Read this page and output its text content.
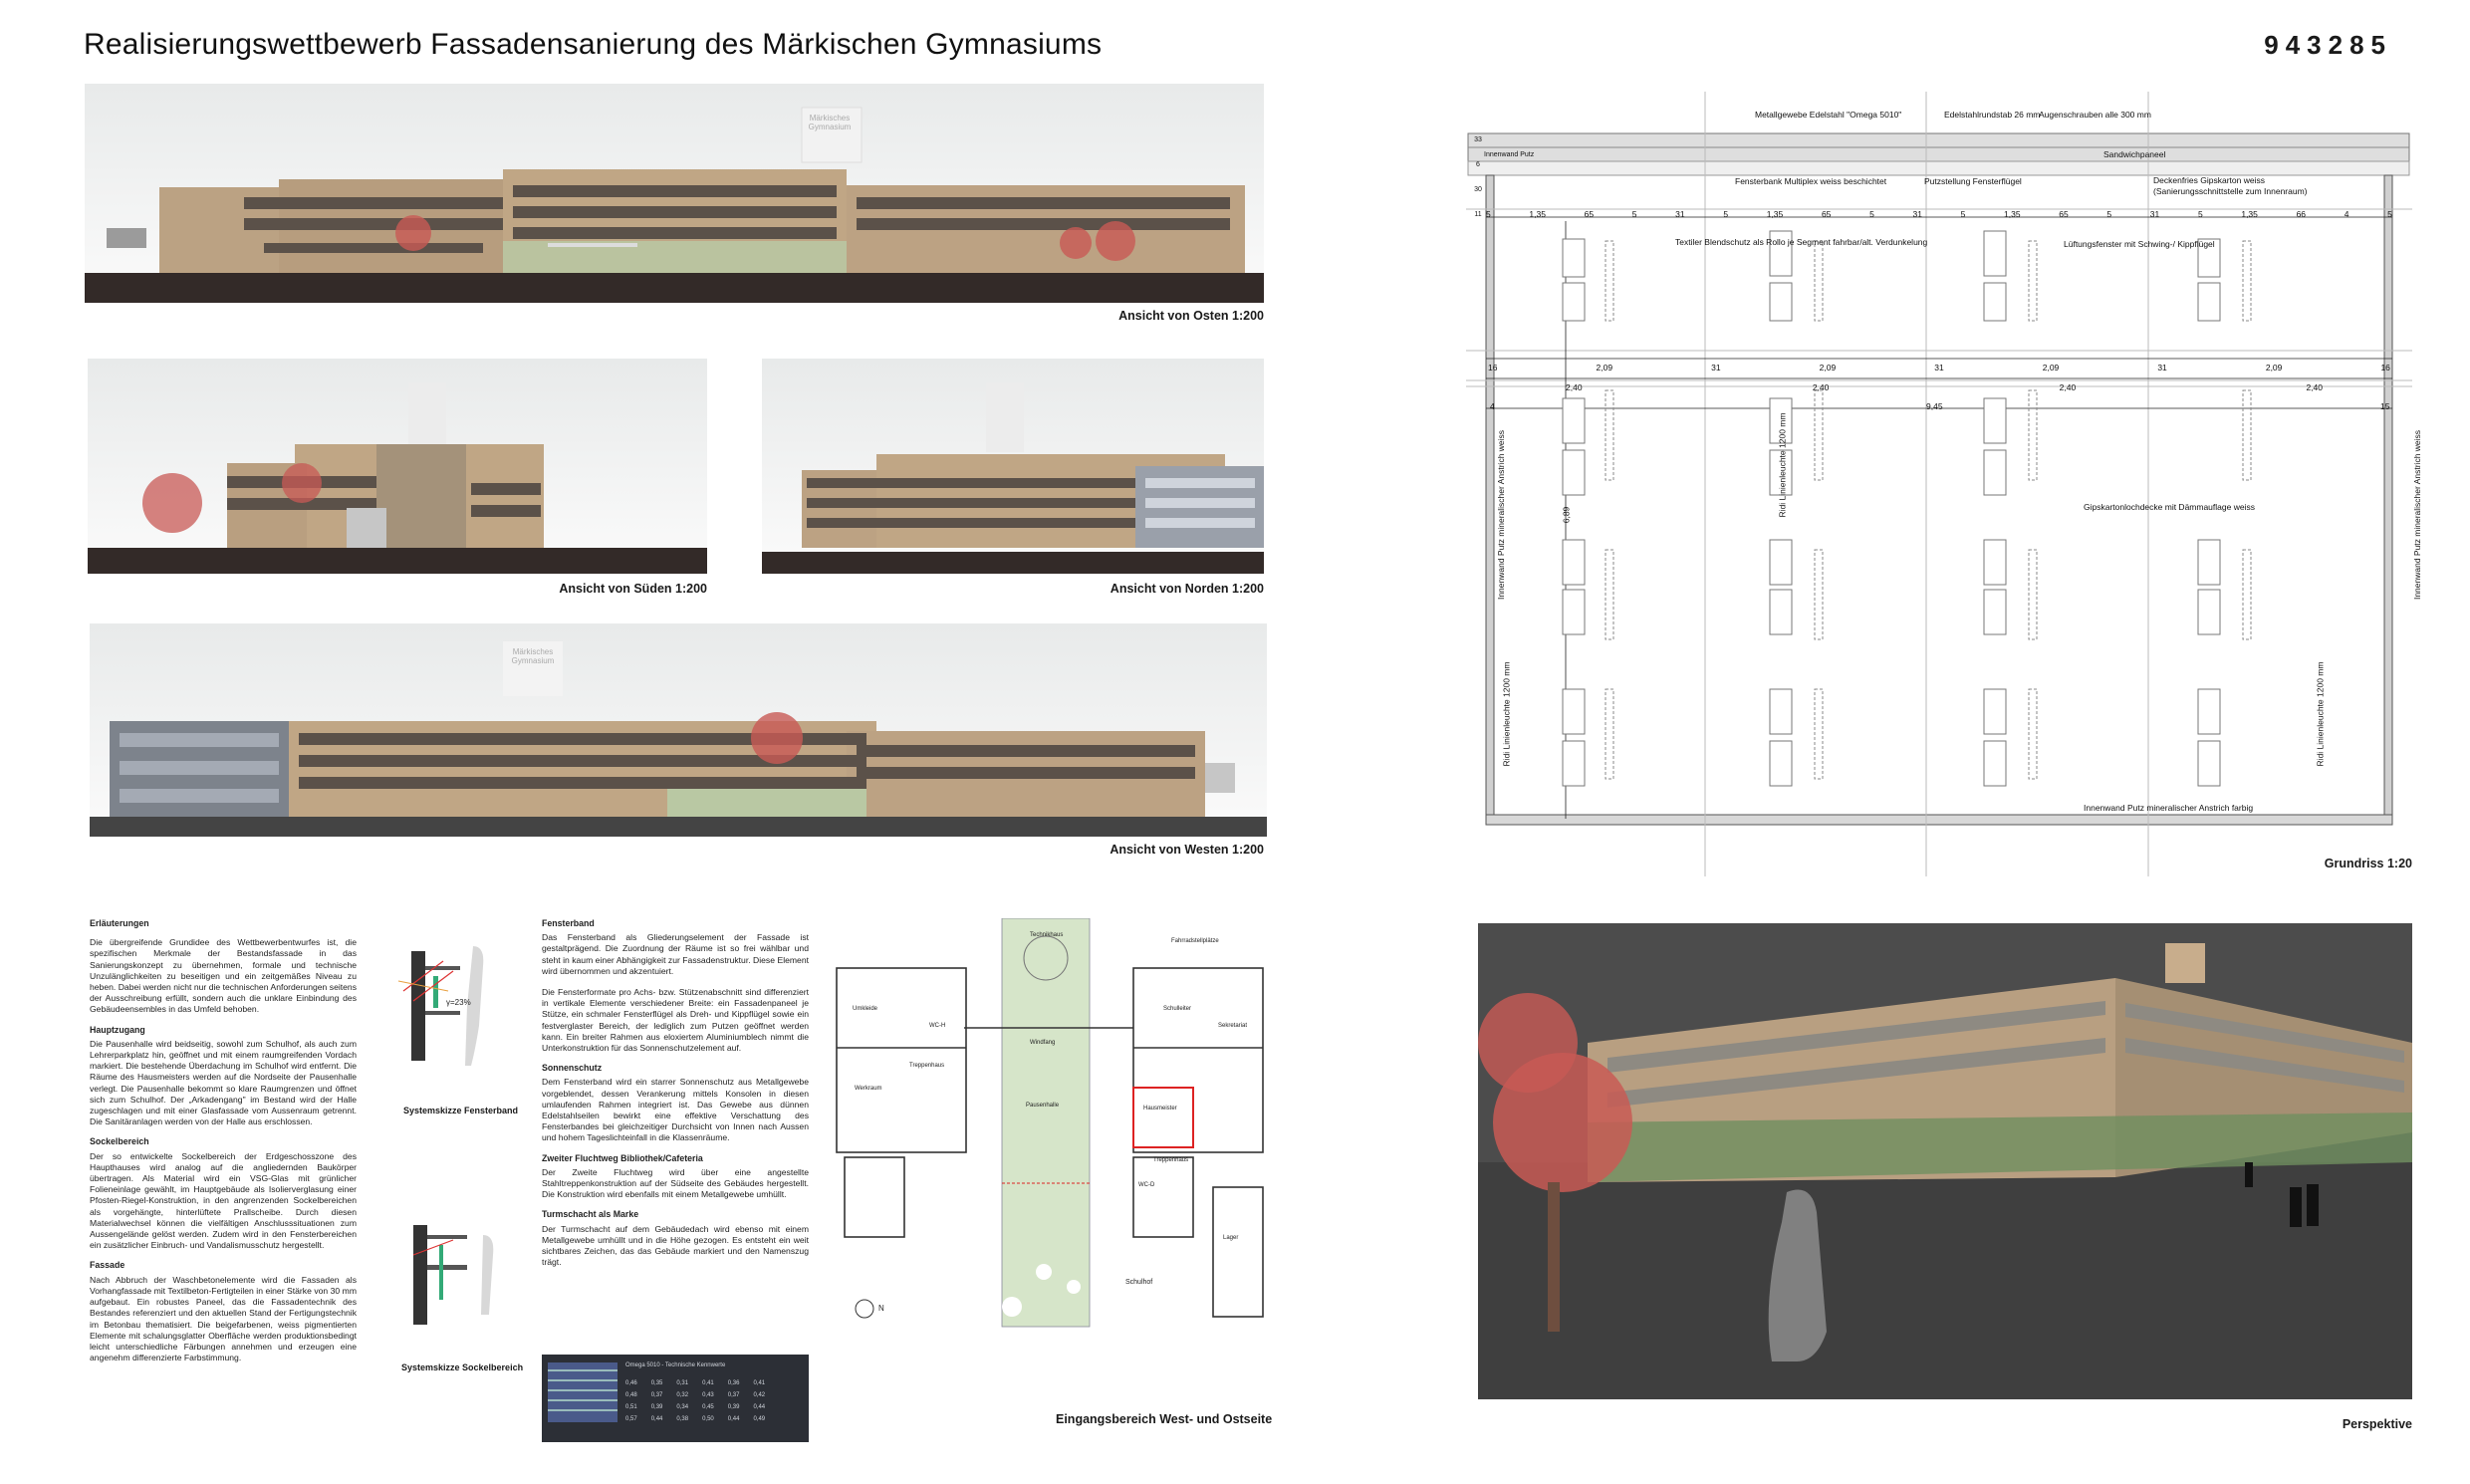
Realisierungswettbewerb Fassadensanierung des Märkischen Gymnasiums	943285
Märkisches Gymnasium
Ansicht von Osten 1:200
Ansicht von Süden 1:200	Ansicht von Norden 1:200
Märkisches Gymnasium
Ansicht von Westen 1:200
Metallgewebe Edelstahl "Omega 5010"	Edelstahlrundstab 26 mm
Augenschrauben alle 300 mm
Innenwand Putz	Sandwichpaneel
Fensterbank Multiplex weiss beschichtet	Putzstellung Fensterflügel	Deckenfries Gipskarton weiss
(Sanierungsschnittstelle zum Innenraum)
Textiler Blendschutz als Rollo je Segment fahrbar/alt. Verdunkelung	Lüftungsfenster mit Schwing-/ Kippflügel
Gipskartonlochdecke mit Dämmauflage weiss
Innenwand Putz mineralischer Anstrich farbig
Innenwand Putz mineralischer Anstrich weiss	Innenwand Putz mineralischer Anstrich weiss
Ridi Linienleuchte 1200 mm
Ridi Linienleuchte 1200 mm
Ridi Linienleuchte 1200 mm
5	1,35	65	5	31	5	1,35	65	5	31	5	1,35	65	5	31	5	1,35	66	4	5
16	2,09	31	2,09	31	2,09	31	2,09	16
2,40	2,40	2,40	2,40
9,45
4	15
6,89
33
6
30
11
Grundriss 1:20
Erläuterungen

Die übergreifende Grundidee des Wettbewerbentwurfes ist, die spezifischen Merkmale der Bestandsfassade in das Sanierungskonzept zu übernehmen, formale und technische Unzulänglichkeiten zu beseitigen und ein zeitgemäßes Niveau zu heben. Dabei werden nicht nur die technischen Anforderungen seitens der Ausschreibung erfüllt, sondern auch die unklare Einbindung des Gebäudeensembles in das Umfeld behoben.

Hauptzugang

Die Pausenhalle wird beidseitig, sowohl zum Schulhof, als auch zum Lehrerparkplatz hin, geöffnet und mit einem raumgreifenden Vordach markiert. Die bestehende Überdachung im Schulhof wird entfernt. Die Räume des Hausmeisters werden auf die Nordseite der Pausenhalle verlegt. Die Pausenhalle bekommt so klare Raumgrenzen und öffnet sich zum Schulhof. Der „Arkadengang" im Bestand wird der Halle zugeschlagen und mit einer Glasfassade vom Aussenraum getrennt. Die Sanitäranlagen werden von der Halle aus erschlossen.

Sockelbereich

Der so entwickelte Sockelbereich der Erdgeschosszone des Haupthauses wird analog auf die angliedernden Baukörper übertragen. Als Material wird ein VSG-Glas mit grünlicher Folieneinlage gewählt, im Hauptgebäude als Isolierverglasung einer Pfosten-Riegel-Konstruktion, in den angrenzenden Sockelbereichen als vorgehängte, hinterlüftete Prallscheibe. Durch diesen Materialwechsel können die vielfältigen Anschlusssituationen zum Aussengelände gelöst werden. Zudem wird in den Fensterbereichen ein zusätzlicher Einbruch- und Vandalismusschutz hergestellt.

Fassade

Nach Abbruch der Waschbetonelemente wird die Fassaden als Vorhangfassade mit Textilbeton-Fertigteilen in einer Stärke von 30 mm aufgebaut. Ein robustes Paneel, das die Fassadentechnik des Bestandes referenziert und den aktuellen Stand der Fertigungstechnik im Betonbau thematisiert. Die beigefarbenen, weiss pigmentierten Elemente mit schalungsglatter Oberfläche werden produktionsbedingt leicht unterschiedliche Färbungen annehmen und erzeugen eine angenehm differenzierte Farbstimmung.

γ=23%
Systemskizze Fensterband
Systemskizze Sockelbereich
Fensterband

Das Fensterband als Gliederungselement der Fassade ist gestaltprägend. Die Zuordnung der Räume ist so frei wählbar und steht in kaum einer Abhängigkeit zur Fassadenstruktur. Diese Element wird übernommen und akzentuiert.

Die Fensterformate pro Achs- bzw. Stützenabschnitt sind differenziert in vertikale Elemente verschiedener Breite: ein Fassadenpaneel je Stütze, ein schmaler Fensterflügel als Dreh- und Kippflügel sowie ein festverglaster Bereich, der lediglich zum Putzen geöffnet werden kann. Ein breiter Rahmen aus eloxiertem Aluminiumblech nimmt die Unterkonstruktion für das Sonnenschutzelement auf.

Sonnenschutz

Dem Fensterband wird ein starrer Sonnenschutz aus Metallgewebe vorgeblendet, dessen Verankerung mittels Konsolen in diesen umlaufenden Rahmen integriert ist. Das Gewebe aus dünnen Edelstahlseilen bewirkt eine effektive Verschattung des Fensterbandes bei gleichzeitiger Durchsicht von Innen nach Aussen und hohem Tageslichteinfall in die Klassenräume.

Zweiter Fluchtweg Bibliothek/Cafeteria

Der Zweite Fluchtweg wird über eine angestellte Stahltreppenkonstruktion auf der Südseite des Gebäudes hergestellt. Die Konstruktion wird ebenfalls mit einem Metallgewebe umhüllt.

Turmschacht als Marke

Der Turmschacht auf dem Gebäudedach wird ebenso mit einem Metallgewebe umhüllt und in die Höhe gezogen. Es entsteht ein weit sichtbares Zeichen, das das Gebäude markiert und den Namenszug trägt.

Omega 5010 - Technische Kennwerte
0,46 0,35 0,31 0,41 0,36 0,41
0,48 0,37 0,32 0,43 0,37 0,42
0,51 0,39 0,34 0,45 0,39 0,44
0,57 0,44 0,38 0,50 0,44 0,49
Umkleide
WC-H
Werkraum
Treppenhaus
Pausenhalle
Windfang
Schulleiter
Sekretariat
Hausmeister
Lager
WC-D
Schulhof
Technikhaus
Fahrradstellplätze
Treppenhaus
N
Eingangsbereich West- und Ostseite	Perspektive
